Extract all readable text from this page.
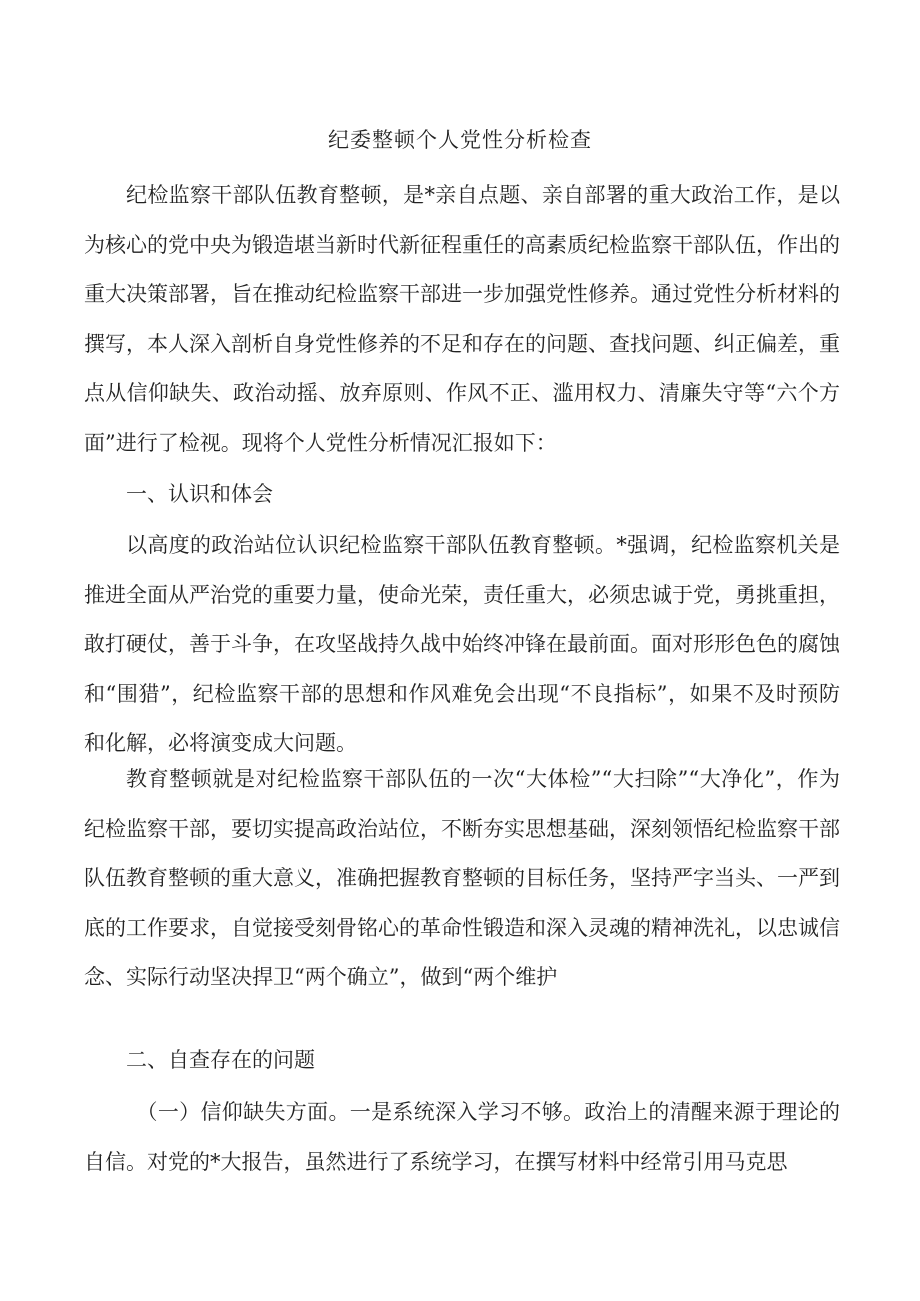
纪委整顿个人党性分析检查

纪检监察干部队伍教育整顿，是*亲自点题、亲自部署的重大政治工作，是以为核心的党中央为锻造堪当新时代新征程重任的高素质纪检监察干部队伍，作出的重大决策部署，旨在推动纪检监察干部进一步加强党性修养。通过党性分析材料的撰写，本人深入剖析自身党性修养的不足和存在的问题、查找问题、纠正偏差，重点从信仰缺失、政治动摇、放弃原则、作风不正、滥用权力、清廉失守等“六个方面”进行了检视。现将个人党性分析情况汇报如下：

一、认识和体会

以高度的政治站位认识纪检监察干部队伍教育整顿。*强调，纪检监察机关是推进全面从严治党的重要力量，使命光荣，责任重大，必须忠诚于党，勇挑重担，敢打硬仗，善于斗争，在攻坚战持久战中始终冲锋在最前面。面对形形色色的腐蚀和“围猎”，纪检监察干部的思想和作风难免会出现“不良指标”，如果不及时预防和化解，必将演变成大问题。

教育整顿就是对纪检监察干部队伍的一次“大体检”“大扫除”“大净化”，作为纪检监察干部，要切实提高政治站位，不断夯实思想基础，深刻领悟纪检监察干部队伍教育整顿的重大意义，准确把握教育整顿的目标任务，坚持严字当头、一严到底的工作要求，自觉接受刻骨铭心的革命性锻造和深入灵魂的精神洗礼，以忠诚信念、实际行动坚决捍卫“两个确立”，做到“两个维护

二、自查存在的问题

（一）信仰缺失方面。一是系统深入学习不够。政治上的清醒来源于理论的自信。对党的*大报告，虽然进行了系统学习，在撰写材料中经常引用马克思
